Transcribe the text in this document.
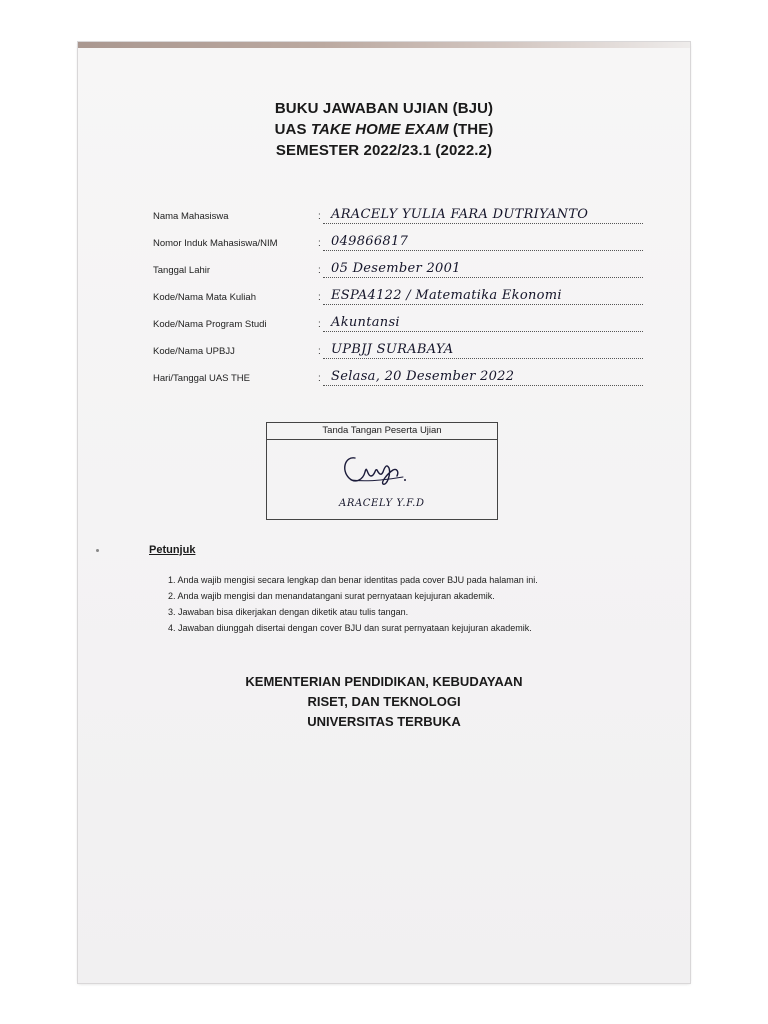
BUKU JAWABAN UJIAN (BJU)
UAS TAKE HOME EXAM (THE)
SEMESTER 2022/23.1 (2022.2)
Nama Mahasiswa	: ARACELY YULIA FARA DUTRIYANTO
Nomor Induk Mahasiswa/NIM	: 049866817
Tanggal Lahir	: 05 Desember 2001
Kode/Nama Mata Kuliah	: ESPA4122 / Matematika Ekonomi
Kode/Nama Program Studi	: Akuntansi
Kode/Nama UPBJJ	: UPBJJ SURABAYA
Hari/Tanggal UAS THE	: Selasa, 20 Desember 2022
Tanda Tangan Peserta Ujian
ARACELY Y.F.D
Petunjuk
1. Anda wajib mengisi secara lengkap dan benar identitas pada cover BJU pada halaman ini.
2. Anda wajib mengisi dan menandatangani surat pernyataan kejujuran akademik.
3. Jawaban bisa dikerjakan dengan diketik atau tulis tangan.
4. Jawaban diunggah disertai dengan cover BJU dan surat pernyataan kejujuran akademik.
KEMENTERIAN PENDIDIKAN, KEBUDAYAAN
RISET, DAN TEKNOLOGI
UNIVERSITAS TERBUKA
